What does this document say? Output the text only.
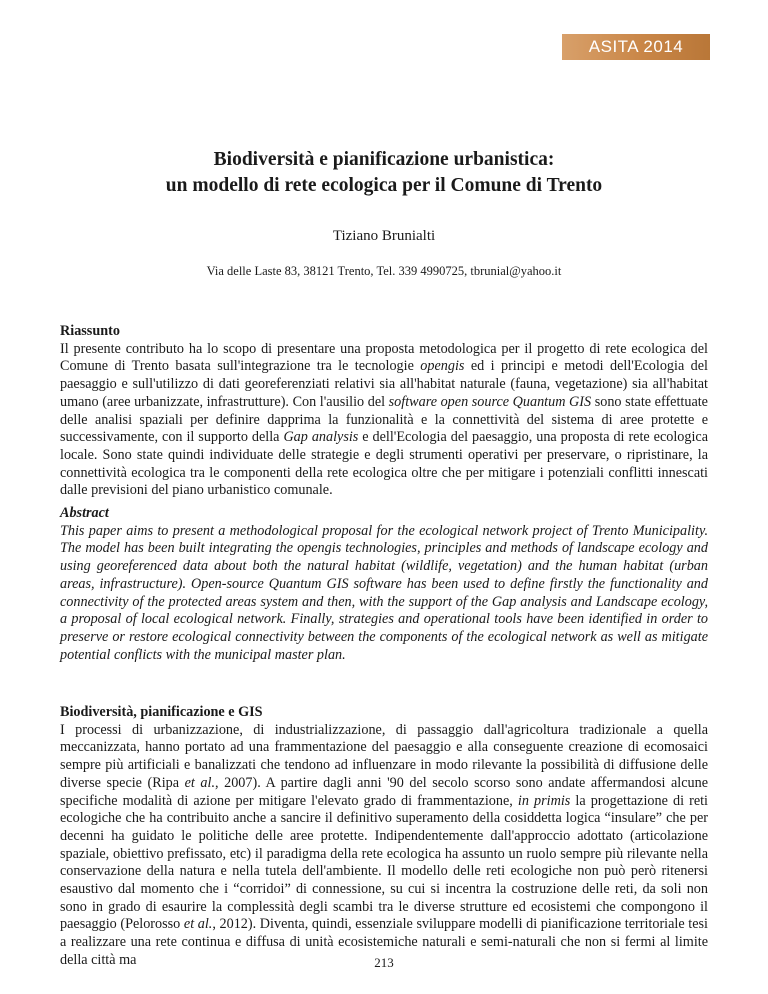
ASITA 2014
Biodiversità e pianificazione urbanistica:
un modello di rete ecologica per il Comune di Trento
Tiziano Brunialti
Via delle Laste 83, 38121 Trento, Tel. 339 4990725, tbrunial@yahoo.it
Riassunto

Il presente contributo ha lo scopo di presentare una proposta metodologica per il progetto di rete ecologica del Comune di Trento basata sull'integrazione tra le tecnologie opengis ed i principi e metodi dell'Ecologia del paesaggio e sull'utilizzo di dati georeferenziati relativi sia all'habitat naturale (fauna, vegetazione) sia all'habitat umano (aree urbanizzate, infrastrutture). Con l'ausilio del software open source Quantum GIS sono state effettuate delle analisi spaziali per definire dapprima la funzionalità e la connettività del sistema di aree protette e successivamente, con il supporto della Gap analysis e dell'Ecologia del paesaggio, una proposta di rete ecologica locale. Sono state quindi individuate delle strategie e degli strumenti operativi per preservare, o ripristinare, la connettività ecologica tra le componenti della rete ecologica oltre che per mitigare i potenziali conflitti innescati dalle previsioni del piano urbanistico comunale.

Abstract

This paper aims to present a methodological proposal for the ecological network project of Trento Municipality. The model has been built integrating the opengis technologies, principles and methods of landscape ecology and using georeferenced data about both the natural habitat (wildlife, vegetation) and the human habitat (urban areas, infrastructure). Open-source Quantum GIS software has been used to define firstly the functionality and connectivity of the protected areas system and then, with the support of the Gap analysis and Landscape ecology, a proposal of local ecological network. Finally, strategies and operational tools have been identified in order to preserve or restore ecological connectivity between the components of the ecological network as well as mitigate potential conflicts with the municipal master plan.

Biodiversità, pianificazione e GIS

I processi di urbanizzazione, di industrializzazione, di passaggio dall'agricoltura tradizionale a quella meccanizzata, hanno portato ad una frammentazione del paesaggio e alla conseguente creazione di ecomosaici sempre più artificiali e banalizzati che tendono ad influenzare in modo rilevante la possibilità di diffusione delle diverse specie (Ripa et al., 2007). A partire dagli anni '90 del secolo scorso sono andate affermandosi alcune specifiche modalità di azione per mitigare l'elevato grado di frammentazione, in primis la progettazione di reti ecologiche che ha contribuito anche a sancire il definitivo superamento della cosiddetta logica “insulare” che per decenni ha guidato le politiche delle aree protette. Indipendentemente dall'approccio adottato (articolazione spaziale, obiettivo prefissato, etc) il paradigma della rete ecologica ha assunto un ruolo sempre più rilevante nella conservazione della natura e nella tutela dell'ambiente. Il modello delle reti ecologiche non può però ritenersi esaustivo dal momento che i “corridoi” di connessione, su cui si incentra la costruzione delle reti, da soli non sono in grado di esaurire la complessità degli scambi tra le diverse strutture ed ecosistemi che compongono il paesaggio (Pelorosso et al., 2012). Diventa, quindi, essenziale sviluppare modelli di pianificazione territoriale tesi a realizzare una rete continua e diffusa di unità ecosistemiche naturali e semi-naturali che non si fermi al limite della città ma	213
